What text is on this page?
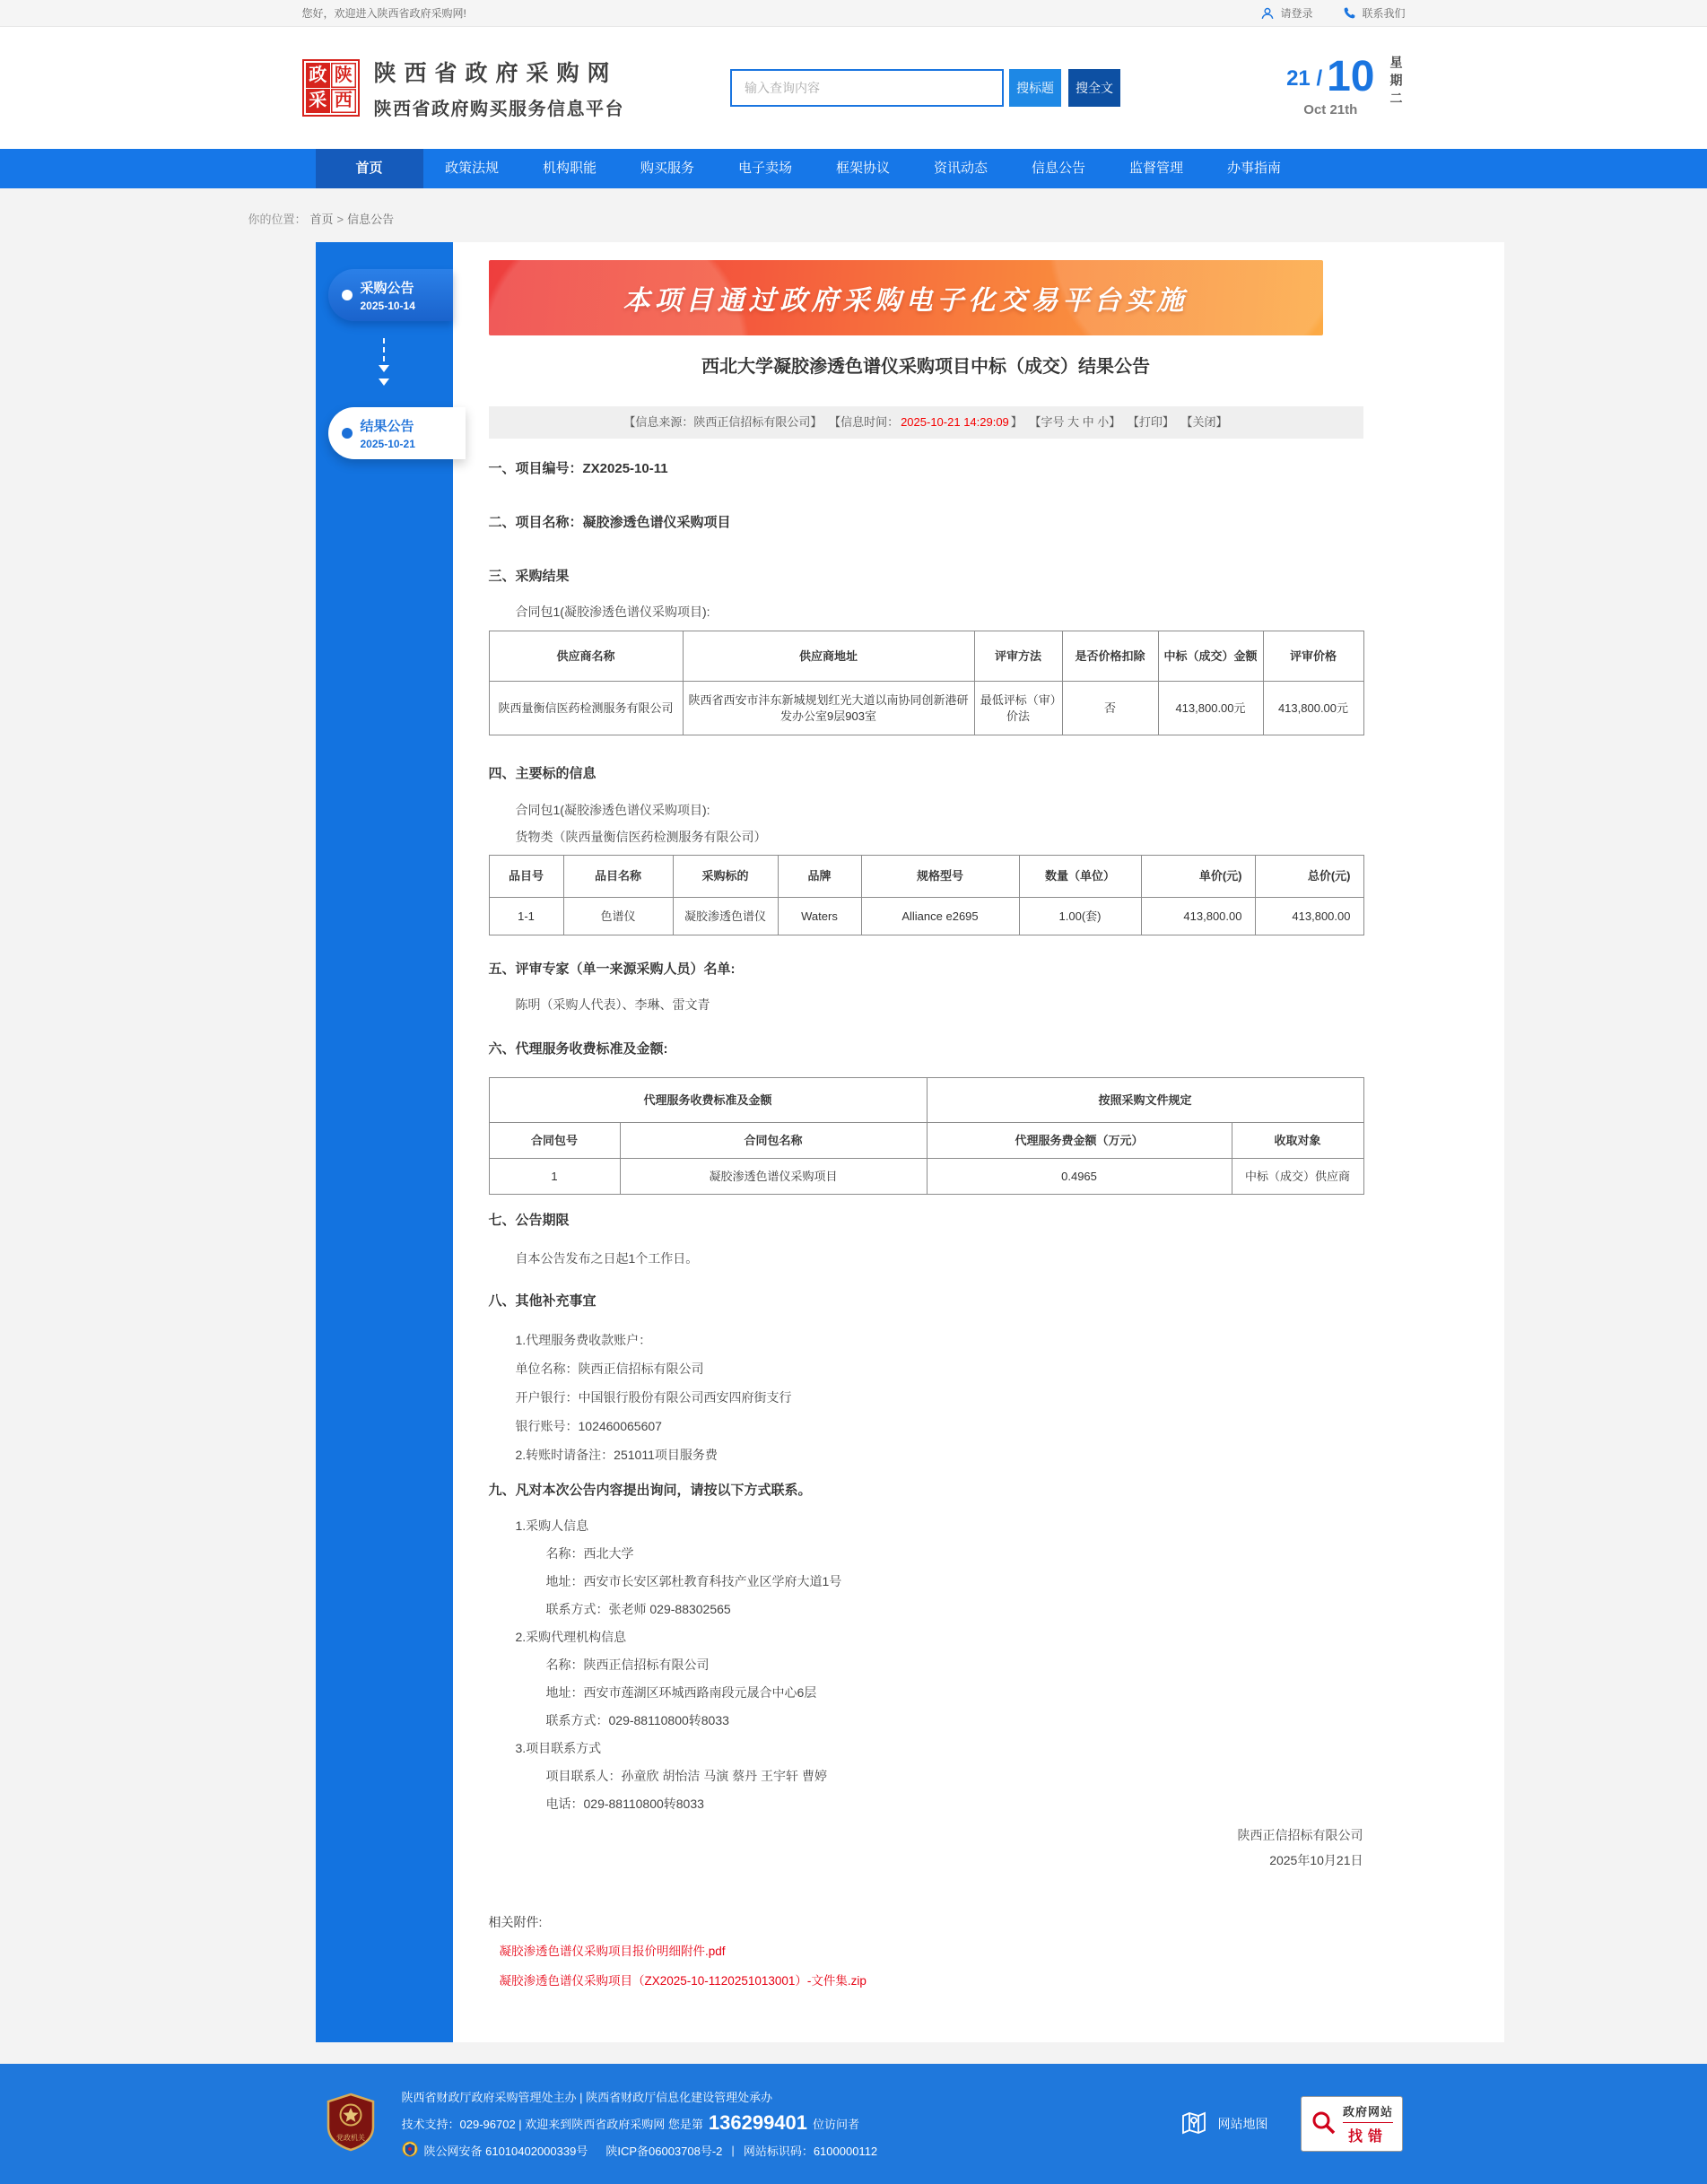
您好，欢迎进入陕西省政府采购网!	请登录	联系我们
政 陕
采 西
陕西省政府采购网
陕西省政府购买服务信息平台
输入查询内容
搜标题	搜全文	21 / 10
Oct 21th
星期二
首页	政策法规	机构职能	购买服务	电子卖场	框架协议	资讯动态	信息公告	监督管理	办事指南
你的位置： 首页 > 信息公告
采购公告
2025-10-14
结果公告
2025-10-21
本项目通过政府采购电子化交易平台实施
西北大学凝胶渗透色谱仪采购项目中标（成交）结果公告
【信息来源：陕西正信招标有限公司】 【信息时间： 2025-10-21 14:29:09 】 【字号 大 中 小】 【打印】 【关闭】
一、项目编号：ZX2025-10-11
二、项目名称：凝胶渗透色谱仪采购项目
三、采购结果
合同包1(凝胶渗透色谱仪采购项目):
供应商名称	供应商地址	评审方法	是否价格扣除	中标（成交）金额	评审价格
陕西量衡信医药检测服务有限公司	陕西省西安市沣东新城规划红光大道以南协同创新港研发办公室9层903室	最低评标（审）价法	否	413,800.00元	413,800.00元
四、主要标的信息
合同包1(凝胶渗透色谱仪采购项目):
货物类（陕西量衡信医药检测服务有限公司）
品目号	品目名称	采购标的	品牌	规格型号	数量（单位）	单价(元)	总价(元)
1-1	色谱仪	凝胶渗透色谱仪	Waters	Alliance e2695	1.00(套)	413,800.00	413,800.00
五、评审专家（单一来源采购人员）名单:
陈明（采购人代表）、李琳、雷文青
六、代理服务收费标准及金额:
代理服务收费标准及金额		按照采购文件规定	
合同包号	合同包名称	代理服务费金额（万元）	收取对象
1	凝胶渗透色谱仪采购项目	0.4965	中标（成交）供应商
七、公告期限
自本公告发布之日起1个工作日。
八、其他补充事宜
1.代理服务费收款账户：
单位名称：陕西正信招标有限公司
开户银行：中国银行股份有限公司西安四府街支行
银行账号：102460065607
2.转账时请备注：251011项目服务费
九、凡对本次公告内容提出询问，请按以下方式联系。
1.采购人信息
名称：西北大学
地址：西安市长安区郭杜教育科技产业区学府大道1号
联系方式：张老师 029-88302565
2.采购代理机构信息
名称：陕西正信招标有限公司
地址：西安市莲湖区环城西路南段元晟合中心6层
联系方式：029-88110800转8033
3.项目联系方式
项目联系人：孙童欣 胡怡洁 马演 蔡丹 王宇轩 曹婷
电话：029-88110800转8033
陕西正信招标有限公司
2025年10月21日
相关附件:
凝胶渗透色谱仪采购项目报价明细附件.pdf
凝胶渗透色谱仪采购项目（ZX2025-10-1120251013001）-文件集.zip
党政机关
陕西省财政厅政府采购管理处主办 | 陕西省财政厅信息化建设管理处承办
技术支持：029-96702 | 欢迎来到陕西省政府采购网 您是第 136299401 位访问者
陕公网安备 61010402000339号 陕ICP备06003708号-2 | 网站标识码：6100000112
网站地图
政府网站
找错
